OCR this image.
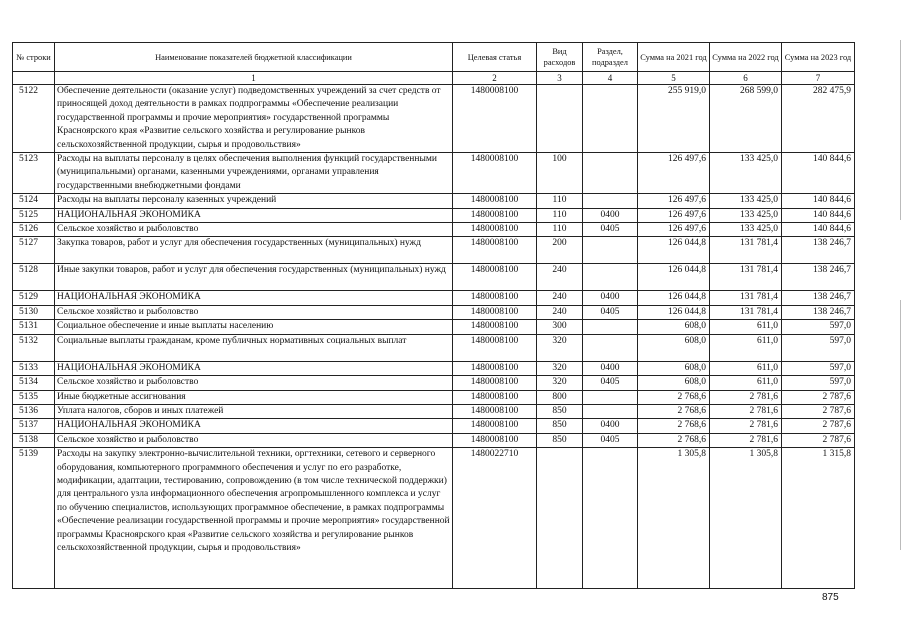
№ строки	Наименование показателей бюджетной классификации	Целевая статья	Вид расходов	Раздел, подраздел	Сумма на 2021 год	Сумма на 2022 год	Сумма на 2023 год
	1	2	3	4	5	6	7
5122	Обеспечение деятельности (оказание услуг) подведомственных учреждений за счет средств от приносящей доход деятельности в рамках подпрограммы «Обеспечение реализации государственной программы и прочие мероприятия» государственной программы Красноярского края «Развитие сельского хозяйства и регулирование рынков сельскохозяйственной продукции, сырья и продовольствия»	1480008100			255 919,0	268 599,0	282 475,9
5123	Расходы на выплаты персоналу в целях обеспечения выполнения функций государственными (муниципальными) органами, казенными учреждениями, органами управления государственными внебюджетными фондами	1480008100	100		126 497,6	133 425,0	140 844,6
5124	Расходы на выплаты персоналу казенных учреждений	1480008100	110		126 497,6	133 425,0	140 844,6
5125	НАЦИОНАЛЬНАЯ ЭКОНОМИКА	1480008100	110	0400	126 497,6	133 425,0	140 844,6
5126	Сельское хозяйство и рыболовство	1480008100	110	0405	126 497,6	133 425,0	140 844,6
5127	Закупка товаров, работ и услуг для обеспечения государственных (муниципальных) нужд	1480008100	200		126 044,8	131 781,4	138 246,7
5128	Иные закупки товаров, работ и услуг для обеспечения государственных (муниципальных) нужд	1480008100	240		126 044,8	131 781,4	138 246,7
5129	НАЦИОНАЛЬНАЯ ЭКОНОМИКА	1480008100	240	0400	126 044,8	131 781,4	138 246,7
5130	Сельское хозяйство и рыболовство	1480008100	240	0405	126 044,8	131 781,4	138 246,7
5131	Социальное обеспечение и иные выплаты населению	1480008100	300		608,0	611,0	597,0
5132	Социальные выплаты гражданам, кроме публичных нормативных социальных выплат	1480008100	320		608,0	611,0	597,0
5133	НАЦИОНАЛЬНАЯ ЭКОНОМИКА	1480008100	320	0400	608,0	611,0	597,0
5134	Сельское хозяйство и рыболовство	1480008100	320	0405	608,0	611,0	597,0
5135	Иные бюджетные ассигнования	1480008100	800		2 768,6	2 781,6	2 787,6
5136	Уплата налогов, сборов и иных платежей	1480008100	850		2 768,6	2 781,6	2 787,6
5137	НАЦИОНАЛЬНАЯ ЭКОНОМИКА	1480008100	850	0400	2 768,6	2 781,6	2 787,6
5138	Сельское хозяйство и рыболовство	1480008100	850	0405	2 768,6	2 781,6	2 787,6
5139	Расходы на закупку электронно-вычислительной техники, оргтехники, сетевого и серверного оборудования, компьютерного программного обеспечения и услуг по его разработке, модификации, адаптации, тестированию, сопровождению (в том числе технической поддержки) для центрального узла информационного обеспечения агропромышленного комплекса и услуг по обучению специалистов, использующих программное обеспечение, в рамках подпрограммы «Обеспечение реализации государственной программы и прочие мероприятия» государственной программы Красноярского края «Развитие сельского хозяйства и регулирование рынков сельскохозяйственной продукции, сырья и продовольствия»	1480022710			1 305,8	1 305,8	1 315,8
875
